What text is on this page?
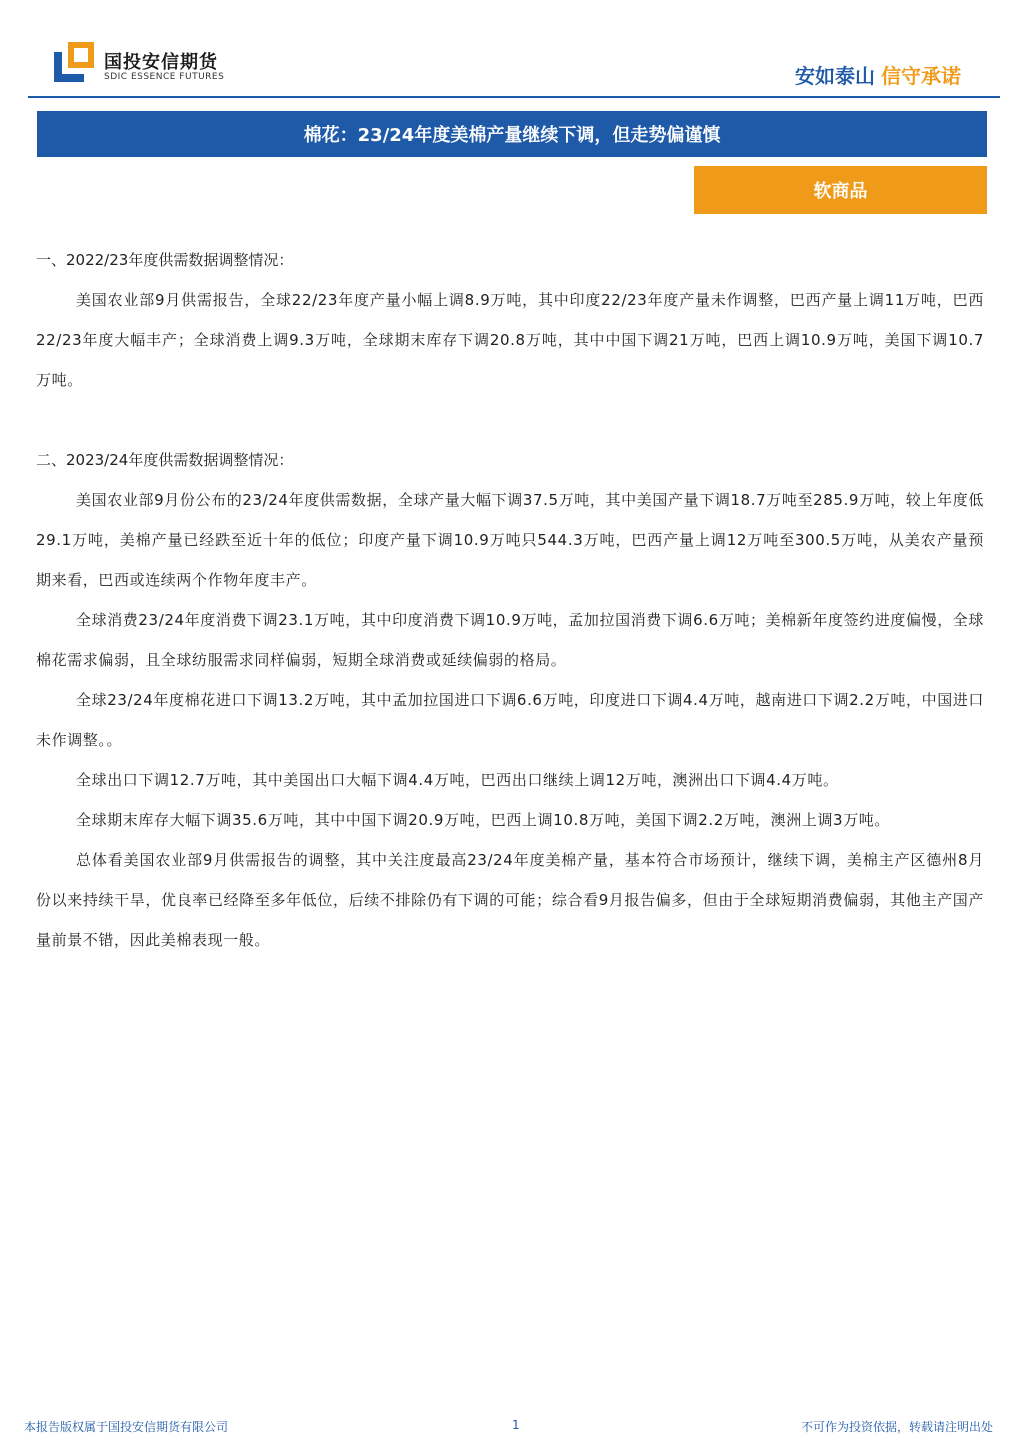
国投安信期货
SDIC ESSENCE FUTURES	安如泰山 信守承诺
棉花：23/24年度美棉产量继续下调，但走势偏谨慎
软商品

一、2022/23年度供需数据调整情况：

美国农业部9月供需报告，全球22/23年度产量小幅上调8.9万吨，其中印度22/23年度产量未作调整，巴西产量上调11万吨，巴西22/23年度大幅丰产；全球消费上调9.3万吨，全球期末库存下调20.8万吨，其中中国下调21万吨，巴西上调10.9万吨，美国下调10.7万吨。

二、2023/24年度供需数据调整情况：

美国农业部9月份公布的23/24年度供需数据，全球产量大幅下调37.5万吨，其中美国产量下调18.7万吨至285.9万吨，较上年度低29.1万吨，美棉产量已经跌至近十年的低位；印度产量下调10.9万吨只544.3万吨，巴西产量上调12万吨至300.5万吨，从美农产量预期来看，巴西或连续两个作物年度丰产。

全球消费23/24年度消费下调23.1万吨，其中印度消费下调10.9万吨，孟加拉国消费下调6.6万吨；美棉新年度签约进度偏慢，全球棉花需求偏弱，且全球纺服需求同样偏弱，短期全球消费或延续偏弱的格局。

全球23/24年度棉花进口下调13.2万吨，其中孟加拉国进口下调6.6万吨，印度进口下调4.4万吨，越南进口下调2.2万吨，中国进口未作调整。。

全球出口下调12.7万吨，其中美国出口大幅下调4.4万吨，巴西出口继续上调12万吨，澳洲出口下调4.4万吨。

全球期末库存大幅下调35.6万吨，其中中国下调20.9万吨，巴西上调10.8万吨，美国下调2.2万吨，澳洲上调3万吨。

总体看美国农业部9月供需报告的调整，其中关注度最高23/24年度美棉产量，基本符合市场预计，继续下调，美棉主产区德州8月份以来持续干旱，优良率已经降至多年低位，后续不排除仍有下调的可能；综合看9月报告偏多，但由于全球短期消费偏弱，其他主产国产量前景不错，因此美棉表现一般。

本报告版权属于国投安信期货有限公司	1	不可作为投资依据，转载请注明出处
